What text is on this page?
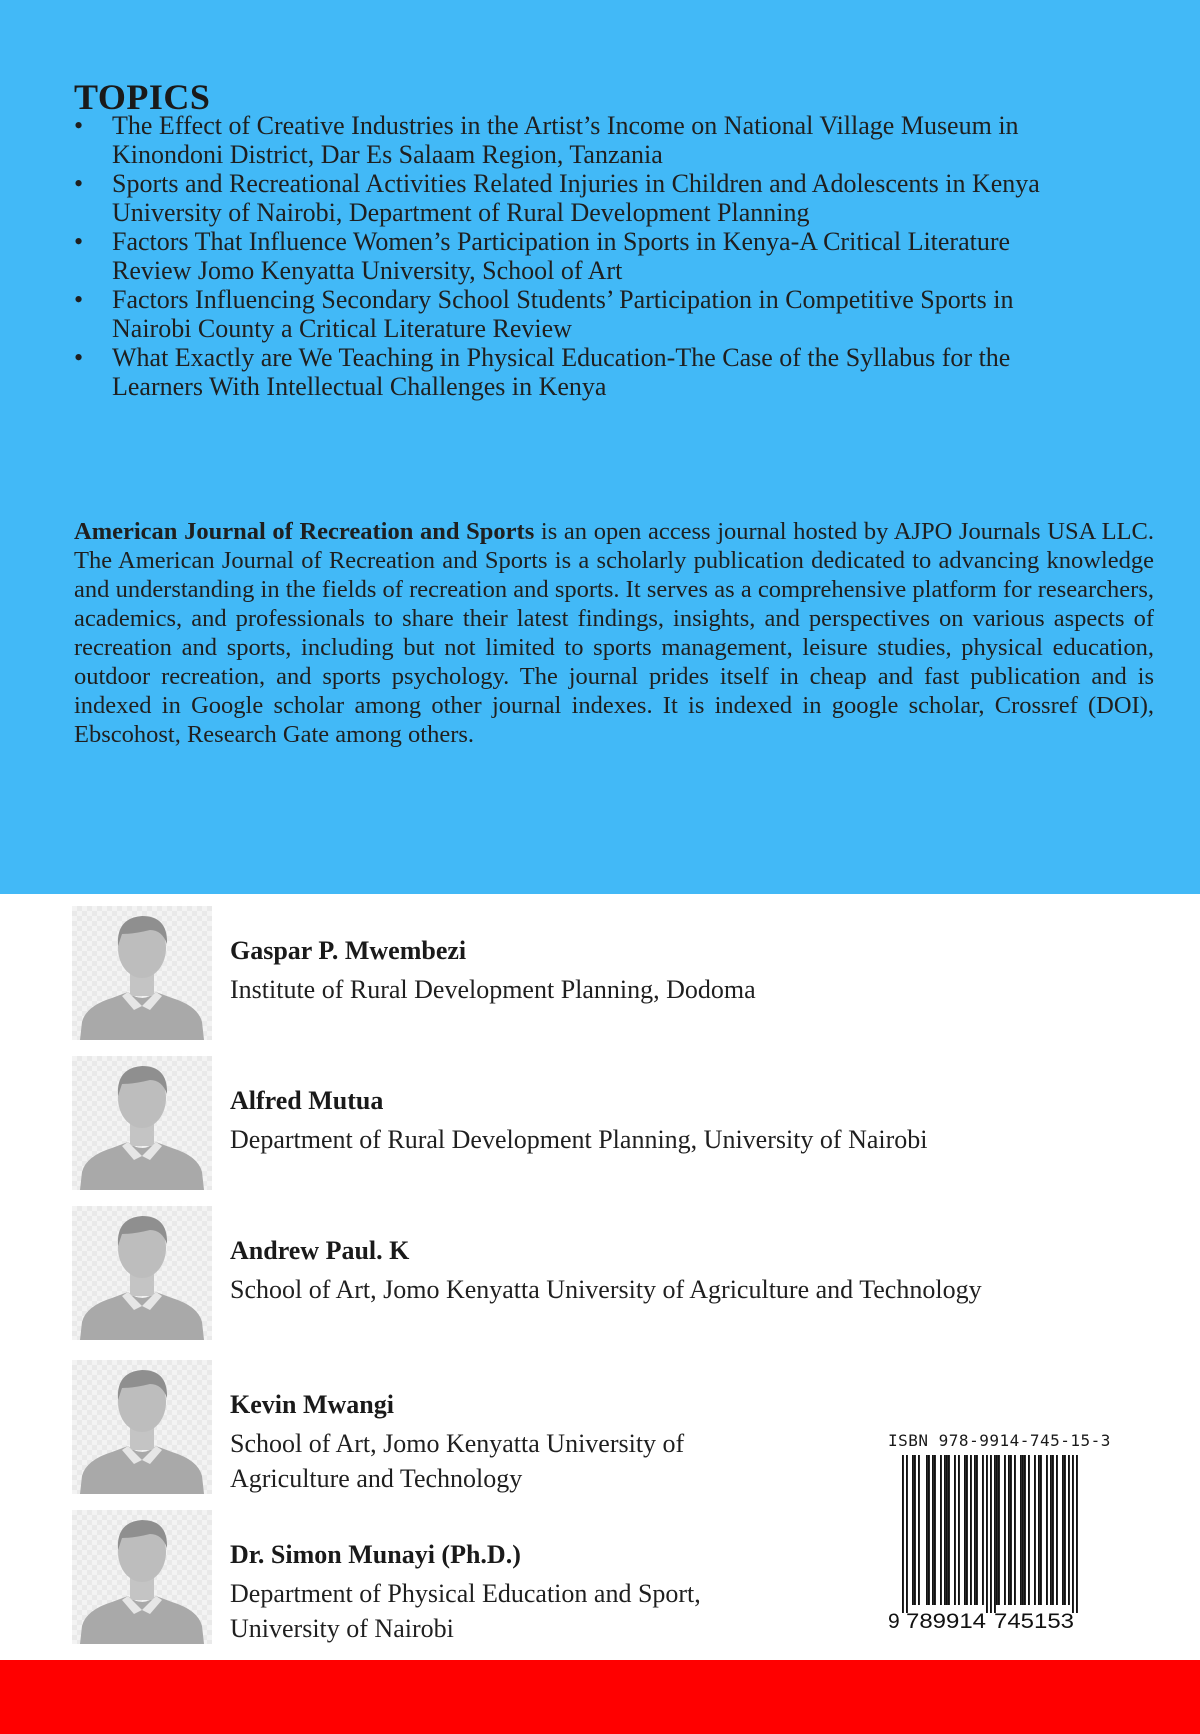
TOPICS
•	The Effect of Creative Industries in the Artist’s Income on National Village Museum in
Kinondoni District, Dar Es Salaam Region, Tanzania
•	Sports and Recreational Activities Related Injuries in Children and Adolescents in Kenya
University of Nairobi, Department of Rural Development Planning
•	Factors That Influence Women’s Participation in Sports in Kenya-A Critical Literature
Review Jomo Kenyatta University, School of Art
•	Factors Influencing Secondary School Students’ Participation in Competitive Sports in
Nairobi County a Critical Literature Review
•	What Exactly are We Teaching in Physical Education-The Case of the Syllabus for the
Learners With Intellectual Challenges in Kenya

American Journal of Recreation and Sports is an open access journal hosted by AJPO Journals USA LLC. The American Journal of Recreation and Sports is a scholarly publication dedicated to advancing knowledge and understanding in the fields of recreation and sports. It serves as a comprehensive platform for researchers, academics, and professionals to share their latest findings, insights, and perspectives on various aspects of recreation and sports, including but not limited to sports management, leisure studies, physical education, outdoor recreation, and sports psychology. The journal prides itself in cheap and fast publication and is indexed in Google scholar among other journal indexes. It is indexed in google scholar, Crossref (DOI), Ebscohost, Research Gate among others.

Gaspar P. Mwembezi
Institute of Rural Development Planning, Dodoma
Alfred Mutua
Department of Rural Development Planning, University of Nairobi
Andrew Paul. K
School of Art, Jomo Kenyatta University of Agriculture and Technology
Kevin Mwangi
School of Art, Jomo Kenyatta University of
Agriculture and Technology
Dr. Simon Munayi (Ph.D.)
Department of Physical Education and Sport,
University of Nairobi
ISBN 978-9914-745-15-3
9 789914 745153
